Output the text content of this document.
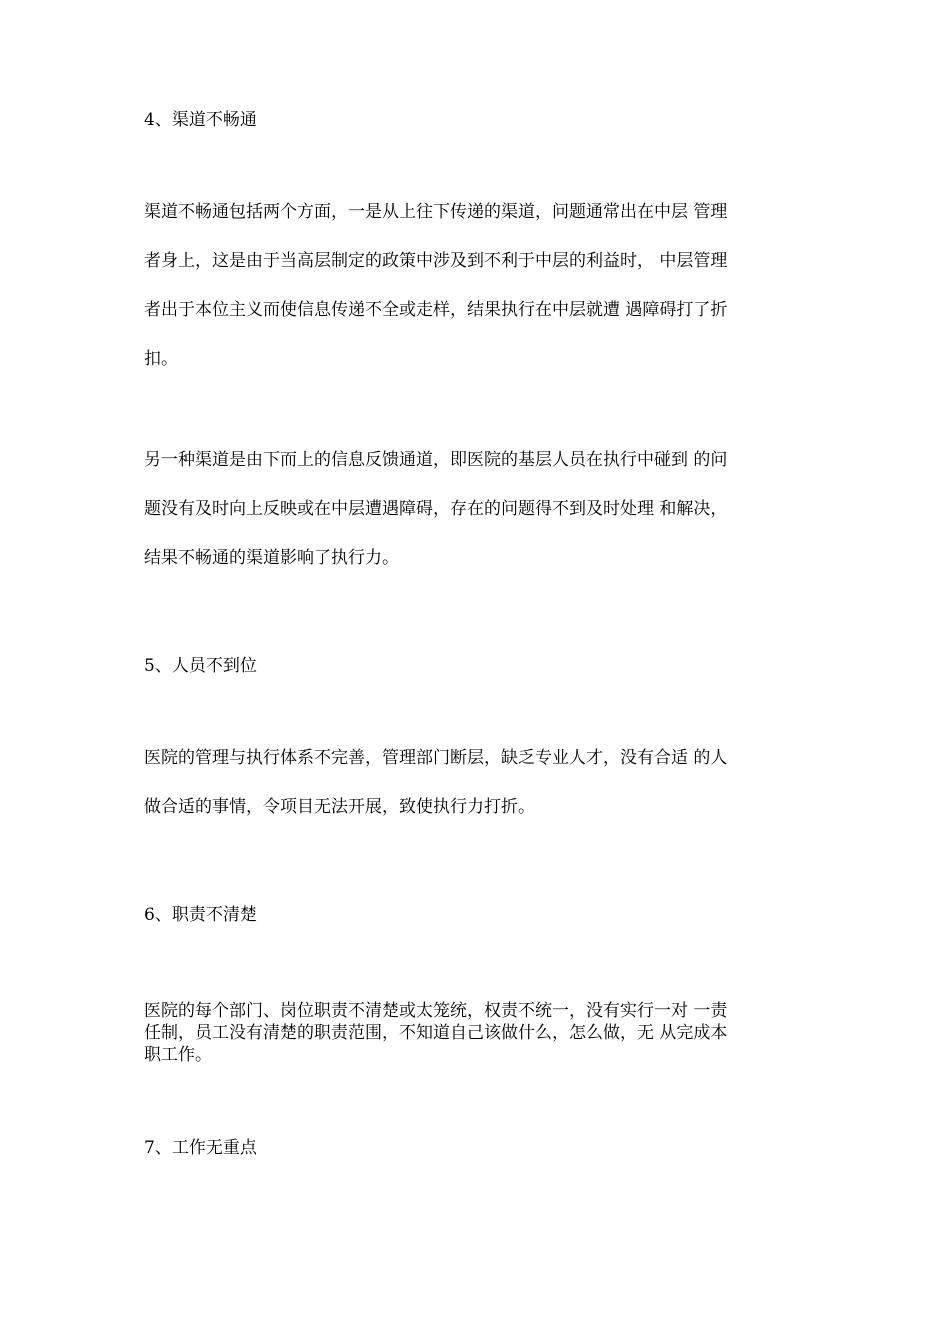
4、渠道不畅通
渠道不畅通包括两个方面，一是从上往下传递的渠道，问题通常出在中层 管理
者身上，这是由于当高层制定的政策中涉及到不利于中层的利益时， 中层管理
者出于本位主义而使信息传递不全或走样，结果执行在中层就遭 遇障碍打了折
扣。
另一种渠道是由下而上的信息反馈通道，即医院的基层人员在执行中碰到 的问
题没有及时向上反映或在中层遭遇障碍，存在的问题得不到及时处理 和解决，
结果不畅通的渠道影响了执行力。
5、人员不到位
医院的管理与执行体系不完善，管理部门断层，缺乏专业人才，没有合适 的人
做合适的事情，令项目无法开展，致使执行力打折。
6、职责不清楚
医院的每个部门、岗位职责不清楚或太笼统，权责不统一，没有实行一对 一责
任制，员工没有清楚的职责范围，不知道自己该做什么，怎么做，无 从完成本
职工作。
7、工作无重点
